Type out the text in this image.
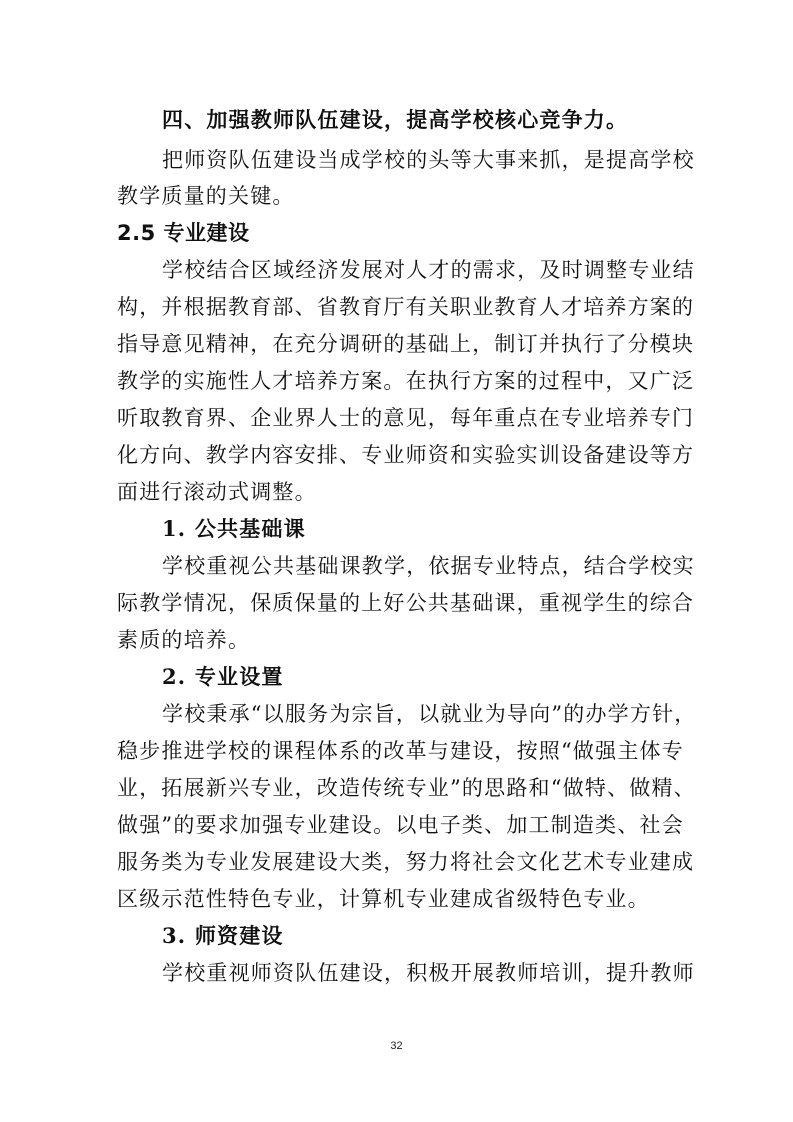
四、加强教师队伍建设，提高学校核心竞争力。
把师资队伍建设当成学校的头等大事来抓，是提高学校
教学质量的关键。
2.5 专业建设
学校结合区域经济发展对人才的需求，及时调整专业结
构，并根据教育部、省教育厅有关职业教育人才培养方案的
指导意见精神，在充分调研的基础上，制订并执行了分模块
教学的实施性人才培养方案。在执行方案的过程中，又广泛
听取教育界、企业界人士的意见，每年重点在专业培养专门
化方向、教学内容安排、专业师资和实验实训设备建设等方
面进行滚动式调整。
1. 公共基础课
学校重视公共基础课教学，依据专业特点，结合学校实
际教学情况，保质保量的上好公共基础课，重视学生的综合
素质的培养。
2. 专业设置
学校秉承“以服务为宗旨，以就业为导向”的办学方针，
稳步推进学校的课程体系的改革与建设，按照“做强主体专
业，拓展新兴专业，改造传统专业”的思路和“做特、做精、
做强”的要求加强专业建设。以电子类、加工制造类、社会
服务类为专业发展建设大类，努力将社会文化艺术专业建成
区级示范性特色专业，计算机专业建成省级特色专业。
3. 师资建设
学校重视师资队伍建设，积极开展教师培训，提升教师
32
